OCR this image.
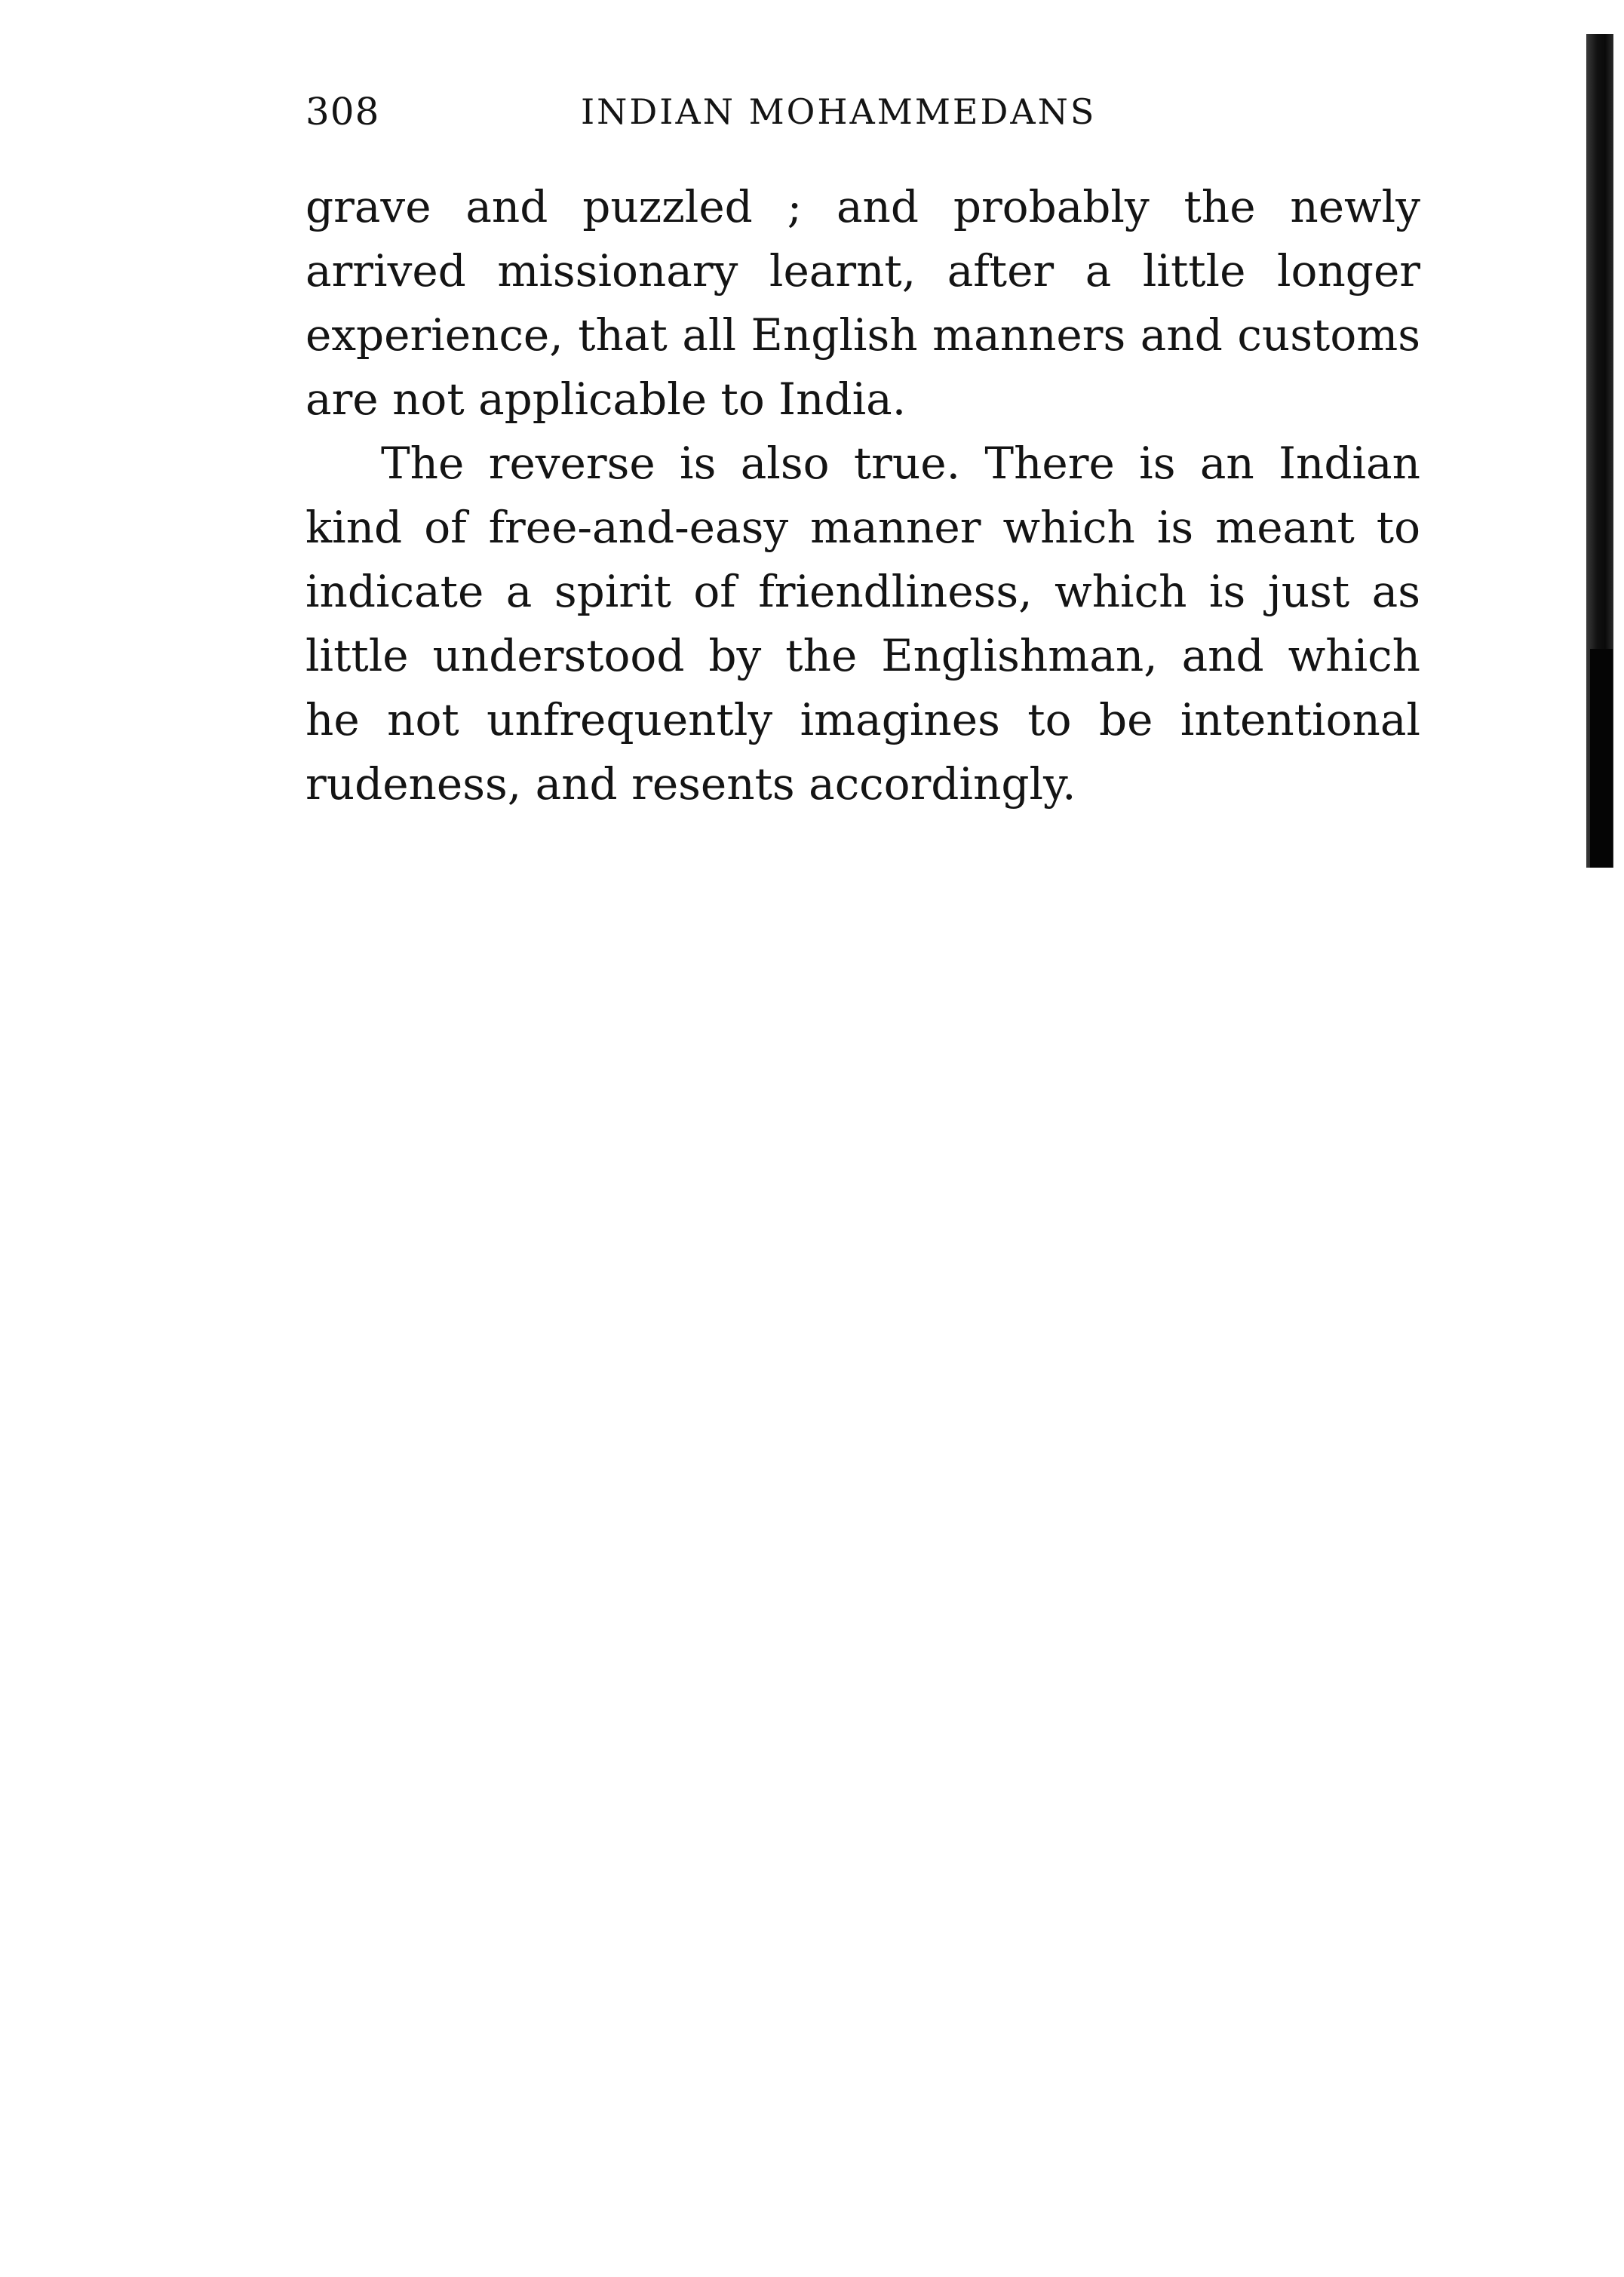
308	INDIAN MOHAMMEDANS

grave and puzzled ; and probably the newly arrived missionary learnt, after a little longer experience, that all English manners and customs are not applicable to India.

The reverse is also true. There is an Indian kind of free-and-easy manner which is meant to indicate a spirit of friendliness, which is just as little understood by the Englishman, and which he not unfrequently imagines to be intentional rudeness, and resents accordingly.
